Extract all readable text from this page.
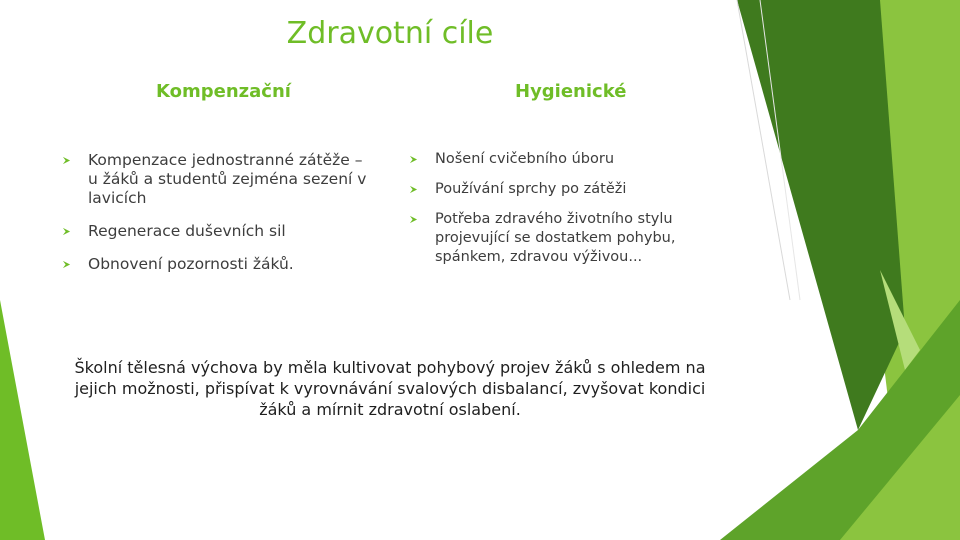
Zdravotní cíle
Kompenzační	Hygienické
Kompenzace jednostranné zátěže – u žáků a studentů zejména sezení v lavicích
Regenerace duševních sil
Obnovení pozornosti žáků.
Nošení cvičebního úboru
Používání sprchy po zátěži
Potřeba zdravého životního stylu projevující se dostatkem pohybu, spánkem, zdravou výživou...
Školní tělesná výchova by měla kultivovat pohybový projev žáků s ohledem na jejich možnosti, přispívat k vyrovnávání svalových disbalancí, zvyšovat kondici žáků a mírnit zdravotní oslabení.
